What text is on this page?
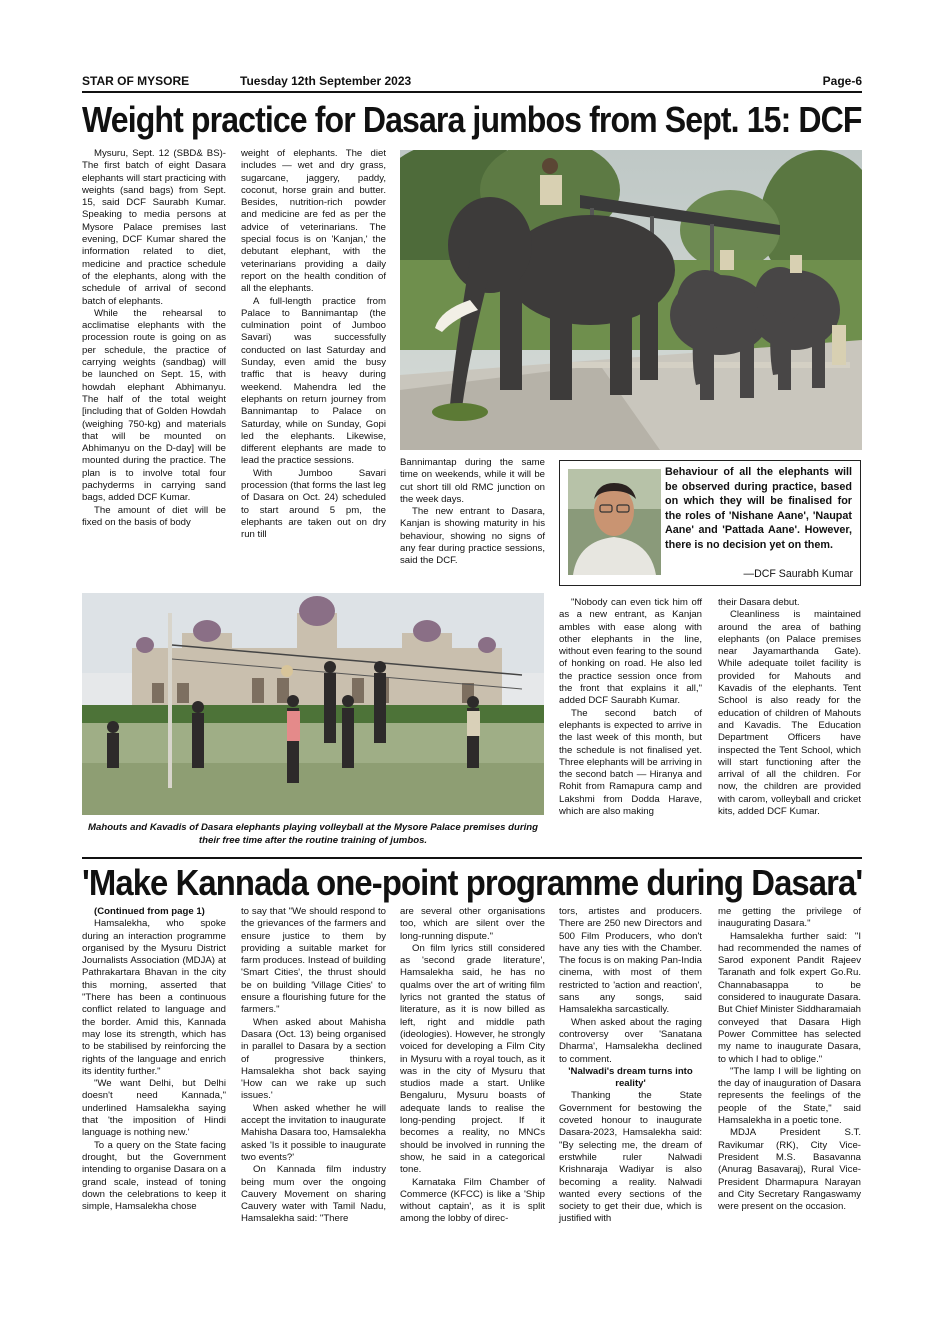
STAR OF MYSORE	Tuesday 12th September 2023	Page-6
Weight practice for Dasara jumbos from Sept. 15: DCF

Mysuru, Sept. 12 (SBD& BS)- The first batch of eight Dasara elephants will start practicing with weights (sand bags) from Sept. 15, said DCF Saurabh Kumar. Speaking to media persons at Mysore Palace premises last evening, DCF Kumar shared the information related to diet, medicine and practice schedule of the elephants, along with the schedule of arrival of second batch of elephants.

While the rehearsal to acclimatise elephants with the procession route is going on as per schedule, the practice of carrying weights (sandbag) will be launched on Sept. 15, with howdah elephant Abhimanyu. The half of the total weight [including that of Golden Howdah (weighing 750-kg) and materials that will be mounted on Abhimanyu on the D-day] will be mounted during the practice. The plan is to involve total four pachyderms in carrying sand bags, added DCF Kumar.

The amount of diet will be fixed on the basis of body

weight of elephants. The diet includes — wet and dry grass, sugarcane, jaggery, paddy, coconut, horse grain and butter. Besides, nutrition-rich powder and medicine are fed as per the advice of veterinarians. The special focus is on 'Kanjan,' the debutant elephant, with the veterinarians providing a daily report on the health condition of all the elephants.

A full-length practice from Palace to Bannimantap (the culmination point of Jumboo Savari) was successfully conducted on last Saturday and Sunday, even amid the busy traffic that is heavy during weekend. Mahendra led the elephants on return journey from Bannimantap to Palace on Saturday, while on Sunday, Gopi led the elephants. Likewise, different elephants are made to lead the practice sessions.

With Jumboo Savari procession (that forms the last leg of Dasara on Oct. 24) scheduled to start around 5 pm, the elephants are taken out on dry run till

Bannimantap during the same time on weekends, while it will be cut short till old RMC junction on the week days.

The new entrant to Dasara, Kanjan is showing maturity in his behaviour, showing no signs of any fear during practice sessions, said the DCF.

"Nobody can even tick him off as a new entrant, as Kanjan ambles with ease along with other elephants in the line, without even fearing to the sound of honking on road. He also led the practice session once from the front that explains it all," added DCF Saurabh Kumar.

The second batch of elephants is expected to arrive in the last week of this month, but the schedule is not finalised yet. Three elephants will be arriving in the second batch — Hiranya and Rohit from Ramapura camp and Lakshmi from Dodda Harave, which are also making

their Dasara debut.

Cleanliness is maintained around the area of bathing elephants (on Palace premises near Jayamarthanda Gate). While adequate toilet facility is provided for Mahouts and Kavadis of the elephants. Tent School is also ready for the education of children of Mahouts and Kavadis. The Education Department Officers have inspected the Tent School, which will start functioning after the arrival of all the children. For now, the children are provided with carom, volleyball and cricket kits, added DCF Kumar.

Behaviour of all the elephants will be observed during practice, based on which they will be finalised for the roles of 'Nishane Aane', 'Naupat Aane' and 'Pattada Aane'. However, there is no decision yet on them.
—DCF Saurabh Kumar
Mahouts and Kavadis of Dasara elephants playing volleyball at the Mysore Palace premises during their free time after the routine training of jumbos.
'Make Kannada one-point programme during Dasara'

(Continued from page 1)

Hamsalekha, who spoke during an interaction programme organised by the Mysuru District Journalists Association (MDJA) at Pathrakartara Bhavan in the city this morning, asserted that "There has been a continuous conflict related to language and the border. Amid this, Kannada may lose its strength, which has to be stabilised by reinforcing the rights of the language and enrich its identity further."

"We want Delhi, but Delhi doesn't need Kannada," underlined Hamsalekha saying that 'the imposition of Hindi language is nothing new.'

To a query on the State facing drought, but the Government intending to organise Dasara on a grand scale, instead of toning down the celebrations to keep it simple, Hamsalekha chose

to say that "We should respond to the grievances of the farmers and ensure justice to them by providing a suitable market for farm produces. Instead of building 'Smart Cities', the thrust should be on building 'Village Cities' to ensure a flourishing future for the farmers."

When asked about Mahisha Dasara (Oct. 13) being organised in parallel to Dasara by a section of progressive thinkers, Hamsalekha shot back saying 'How can we rake up such issues.'

When asked whether he will accept the invitation to inaugurate Mahisha Dasara too, Hamsalekha asked 'Is it possible to inaugurate two events?'

On Kannada film industry being mum over the ongoing Cauvery Movement on sharing Cauvery water with Tamil Nadu, Hamsalekha said: "There

are several other organisations too, which are silent over the long-running dispute."

On film lyrics still considered as 'second grade literature', Hamsalekha said, he has no qualms over the art of writing film lyrics not granted the status of literature, as it is now billed as left, right and middle path (ideologies). However, he strongly voiced for developing a Film City in Mysuru with a royal touch, as it was in the city of Mysuru that studios made a start. Unlike Bengaluru, Mysuru boasts of adequate lands to realise the long-pending project. If it becomes a reality, no MNCs should be involved in running the show, he said in a categorical tone.

Karnataka Film Chamber of Commerce (KFCC) is like a 'Ship without captain', as it is split among the lobby of direc-

tors, artistes and producers. There are 250 new Directors and 500 Film Producers, who don't have any ties with the Chamber. The focus is on making Pan-India cinema, with most of them restricted to 'action and reaction', sans any songs, said Hamsalekha sarcastically.

When asked about the raging controversy over 'Sanatana Dharma', Hamsalekha declined to comment.

'Nalwadi's dream turns into reality'

Thanking the State Government for bestowing the coveted honour to inaugurate Dasara-2023, Hamsalekha said: "By selecting me, the dream of erstwhile ruler Nalwadi Krishnaraja Wadiyar is also becoming a reality. Nalwadi wanted every sections of the society to get their due, which is justified with

me getting the privilege of inaugurating Dasara."

Hamsalekha further said: "I had recommended the names of Sarod exponent Pandit Rajeev Taranath and folk expert Go.Ru. Channabasappa to be considered to inaugurate Dasara. But Chief Minister Siddharamaiah conveyed that Dasara High Power Committee has selected my name to inaugurate Dasara, to which I had to oblige."

"The lamp I will be lighting on the day of inauguration of Dasara represents the feelings of the people of the State," said Hamsalekha in a poetic tone.

MDJA President S.T. Ravikumar (RK), City Vice-President M.S. Basavanna (Anurag Basavaraj), Rural Vice-President Dharmapura Narayan and City Secretary Rangaswamy were present on the occasion.
